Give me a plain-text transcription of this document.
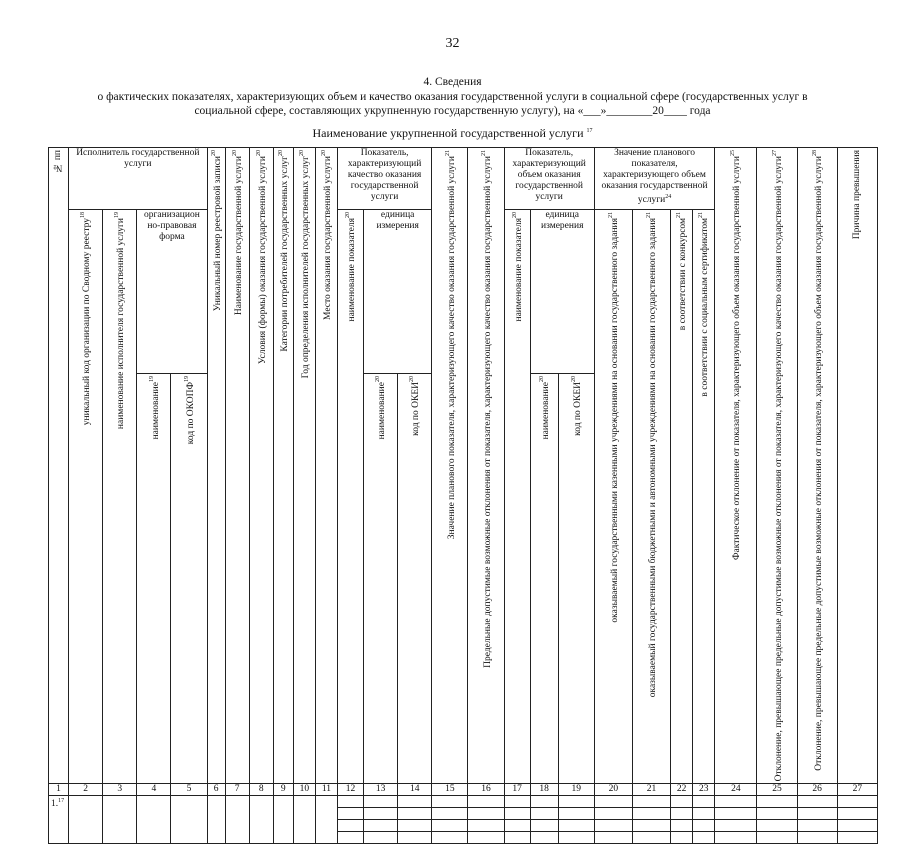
32
4. Сведения
о фактических показателях, характеризующих объем и качество оказания государственной услуги в социальной сфере (государственных услуг в
социальной сфере, составляющих укрупненную государственную услугу), на «___»________20____ года
Наименование укрупненной государственной услуги $^{17}$
№ пп	Исполнитель государственной услуги				Уникальный номер реестровой записи$^{20}$	Наименование государственной услуги$^{20}$	Условия (формы) оказания государственной услуги$^{20}$	Категории потребителей государственных услуг$^{20}$	Год определения исполнителей государственных услуг$^{20}$	Место оказания государственной услуги$^{20}$	Показатель, характеризующий качество оказания государственной услуги			Значение планового показателя, характеризующего качество оказания государственной услуги$^{21}$	Предельные допустимые возможные отклонения от показателя, характеризующего качество оказания государственной услуги$^{21}$	Показатель, характеризующий объем оказания государственной услуги			Значение планового показателя, характеризующего объем оказания государственной услуги$^{24}$				Фактическое отклонение от показателя, характеризующего объем оказания государственной услуги$^{25}$	Отклонение, превышающее предельные допустимые возможные отклонения от показателя, характеризующего качество оказания государственной услуги$^{27}$	Отклонение, превышающее предельные допустимые возможные отклонения от показателя, характеризующего объем оказания государственной услуги$^{28}$	Причина превышения

	уникальный код организации по Сводному реестру$^{18}$	наименование исполнителя государственной услуги$^{19}$	организацион но-правовая форма								наименование показателя$^{20}$	единица измерения				наименование показателя$^{20}$	единица измерения		оказываемый государственными казенными учреждениями на основании государственного задания$^{21}$	оказываемый государственными бюджетными и автономными учреждениями на основании государственного задания$^{21}$	в соответствии с конкурсом$^{21}$	в соответствии с социальным сертификатом$^{21}$

			наименование$^{19}$	код по ОКОПФ$^{19}$								наименование$^{20}$	код по ОКЕИ$^{20}$				наименование$^{20}$	код по ОКЕИ$^{20}$

1	2	3	4	5	6	7	8	9	10	11	12	13	14	15	16	17	18	19	20	21	22	23	24	25	26	27
1.17																										
